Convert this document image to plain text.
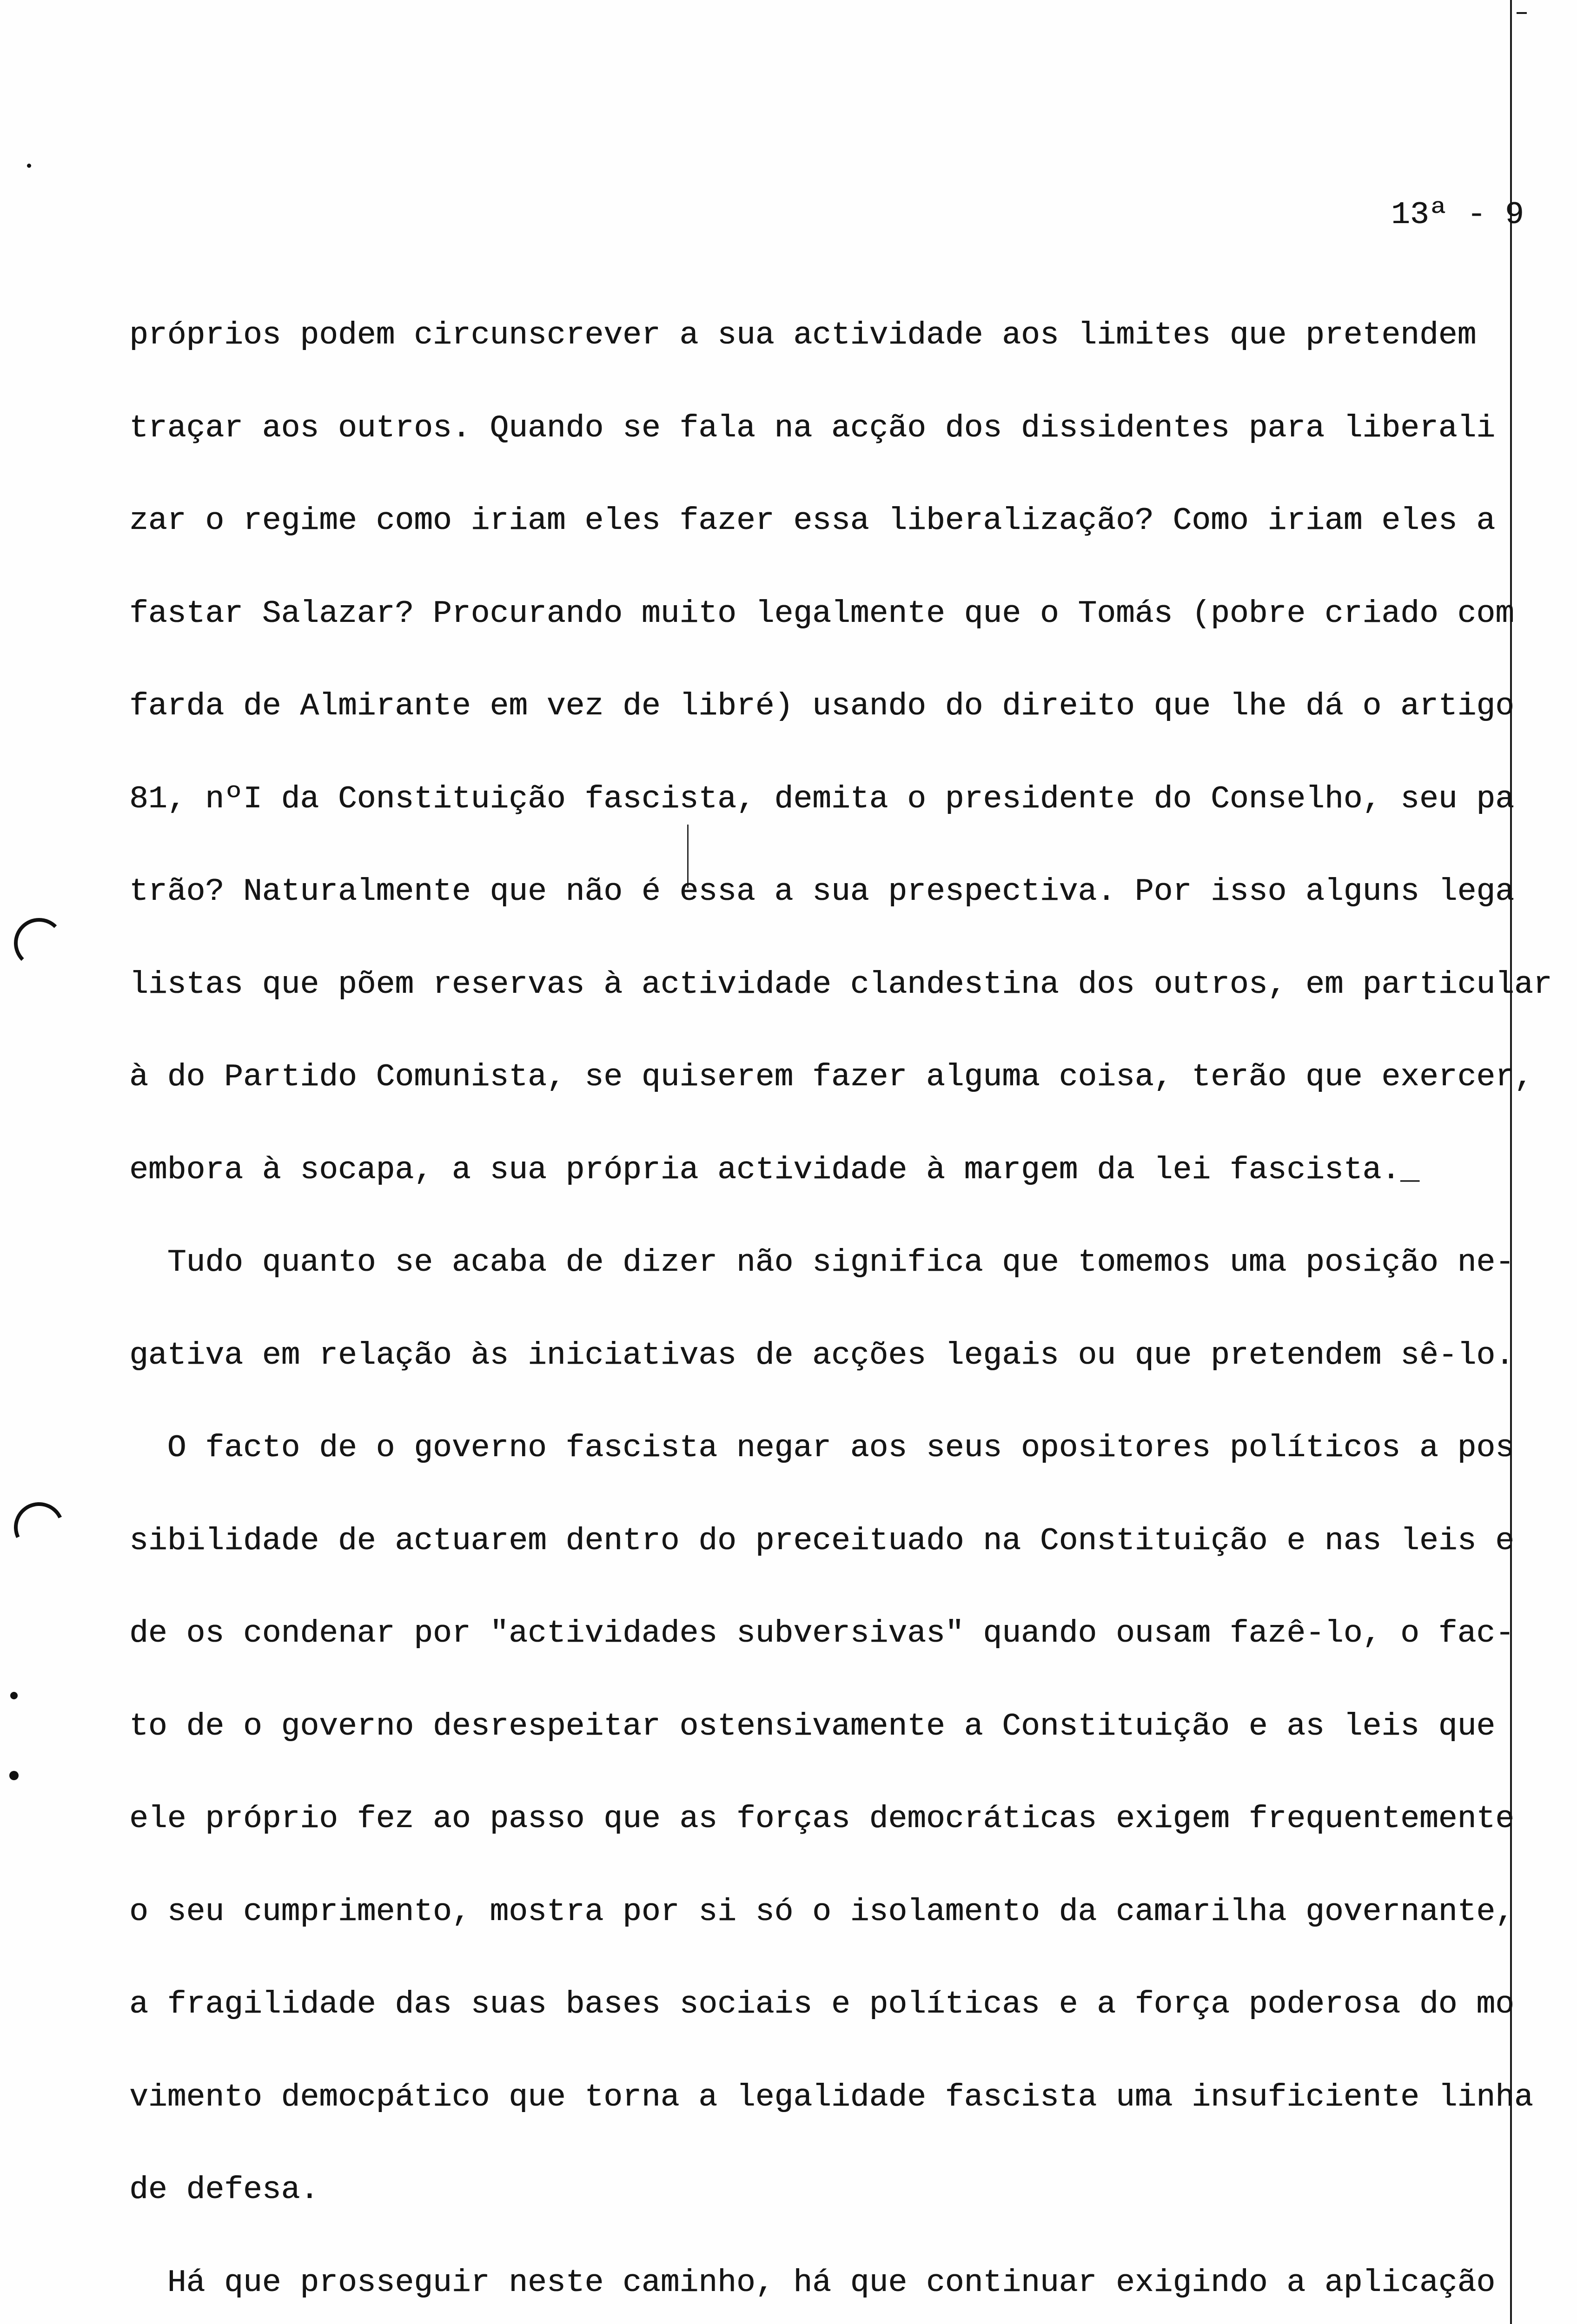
13ª - 9

próprios podem circunscrever a sua actividade aos limites que pretendem

traçar aos outros. Quando se fala na acção dos dissidentes para liberali

zar o regime como iriam eles fazer essa liberalização? Como iriam eles a

fastar Salazar? Procurando muito legalmente que o Tomás (pobre criado com

farda de Almirante em vez de libré) usando do direito que lhe dá o artigo

81, nºI da Constituição fascista, demita o presidente do Conselho, seu pa

trão? Naturalmente que não é essa a sua prespectiva. Por isso alguns lega

listas que põem reservas à actividade clandestina dos outros, em particular

à do Partido Comunista, se quiserem fazer alguma coisa, terão que exercer,

embora à socapa, a sua própria actividade à margem da lei fascista._

Tudo quanto se acaba de dizer não significa que tomemos uma posição ne-

gativa em relação às iniciativas de acções legais ou que pretendem sê-lo.

O facto de o governo fascista negar aos seus opositores políticos a pos

sibilidade de actuarem dentro do preceituado na Constituição e nas leis e

de os condenar por "actividades subversivas" quando ousam fazê-lo, o fac-

to de o governo desrespeitar ostensivamente a Constituição e as leis que

ele próprio fez ao passo que as forças democráticas exigem frequentemente

o seu cumprimento, mostra por si só o isolamento da camarilha governante,

a fragilidade das suas bases sociais e políticas e a força poderosa do mo

vimento democpático que torna a legalidade fascista uma insuficiente linha

de defesa.

Há que prosseguir neste caminho, há que continuar exigindo a aplicação
